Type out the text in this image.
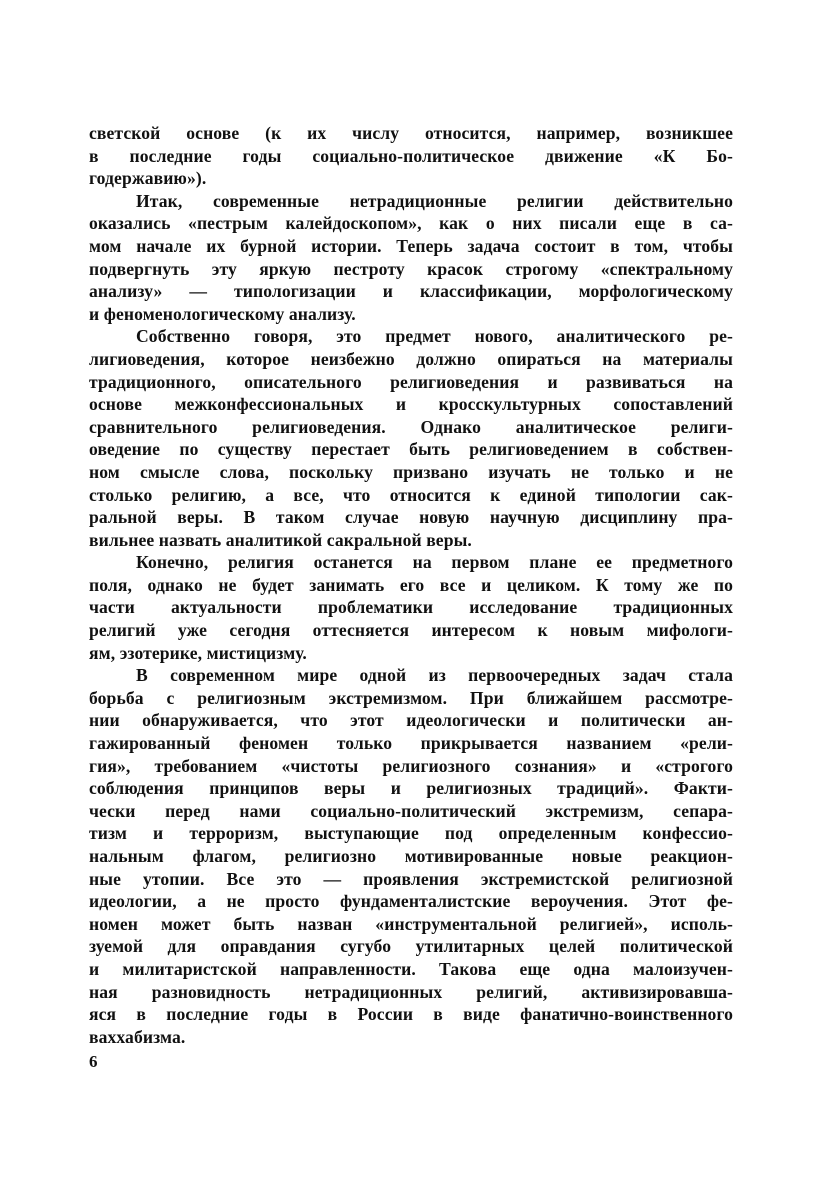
светской основе (к их числу относится, например, возникшее
в последние годы социально-политическое движение «К Бо-
годержавию»).
Итак, современные нетрадиционные религии действительно
оказались «пестрым калейдоскопом», как о них писали еще в са-
мом начале их бурной истории. Теперь задача состоит в том, чтобы
подвергнуть эту яркую пестроту красок строгому «спектральному
анализу» — типологизации и классификации, морфологическому
и феноменологическому анализу.
Собственно говоря, это предмет нового, аналитического ре-
лигиоведения, которое неизбежно должно опираться на материалы
традиционного, описательного религиоведения и развиваться на
основе межконфессиональных и кросскультурных сопоставлений
сравнительного религиоведения. Однако аналитическое религи-
оведение по существу перестает быть религиоведением в собствен-
ном смысле слова, поскольку призвано изучать не только и не
столько религию, а все, что относится к единой типологии сак-
ральной веры. В таком случае новую научную дисциплину пра-
вильнее назвать аналитикой сакральной веры.
Конечно, религия останется на первом плане ее предметного
поля, однако не будет занимать его все и целиком. К тому же по
части актуальности проблематики исследование традиционных
религий уже сегодня оттесняется интересом к новым мифологи-
ям, эзотерике, мистицизму.
В современном мире одной из первоочередных задач стала
борьба с религиозным экстремизмом. При ближайшем рассмотре-
нии обнаруживается, что этот идеологически и политически ан-
гажированный феномен только прикрывается названием «рели-
гия», требованием «чистоты религиозного сознания» и «строгого
соблюдения принципов веры и религиозных традиций». Факти-
чески перед нами социально-политический экстремизм, сепара-
тизм и терроризм, выступающие под определенным конфессио-
нальным флагом, религиозно мотивированные новые реакцион-
ные утопии. Все это — проявления экстремистской религиозной
идеологии, а не просто фундаменталистские вероучения. Этот фе-
номен может быть назван «инструментальной религией», исполь-
зуемой для оправдания сугубо утилитарных целей политической
и милитаристской направленности. Такова еще одна малоизучен-
ная разновидность нетрадиционных религий, активизировавша-
яся в последние годы в России в виде фанатично-воинственного
ваххабизма.
6
